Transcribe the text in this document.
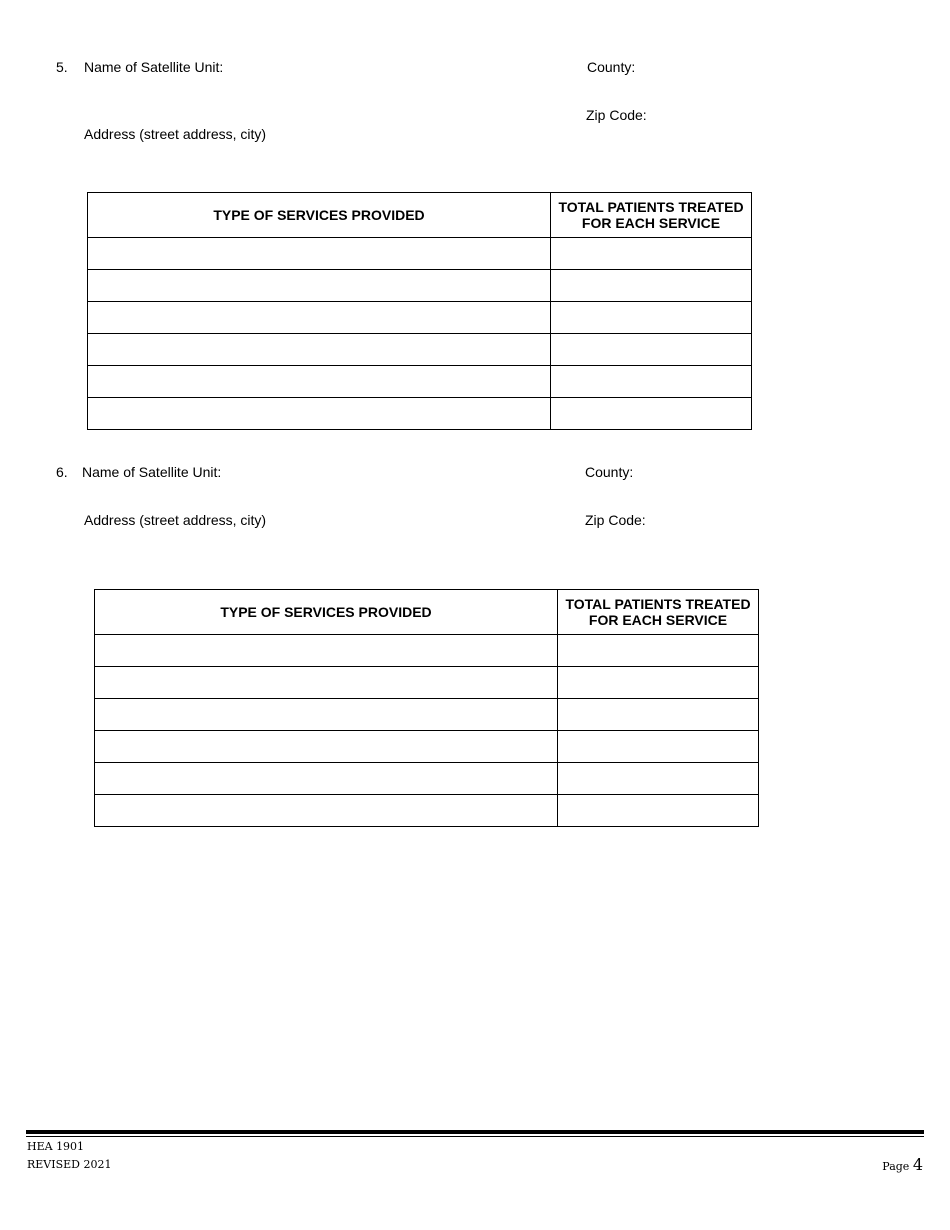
5. Name of Satellite Unit:	County:
Zip Code:
Address (street address, city)
TYPE OF SERVICES PROVIDED	TOTAL PATIENTS TREATED
FOR EACH SERVICE

6. Name of Satellite Unit:	County:
Address (street address, city)	Zip Code:
TYPE OF SERVICES PROVIDED	TOTAL PATIENTS TREATED
FOR EACH SERVICE

HEA 1901
REVISED 2021	Page 4
